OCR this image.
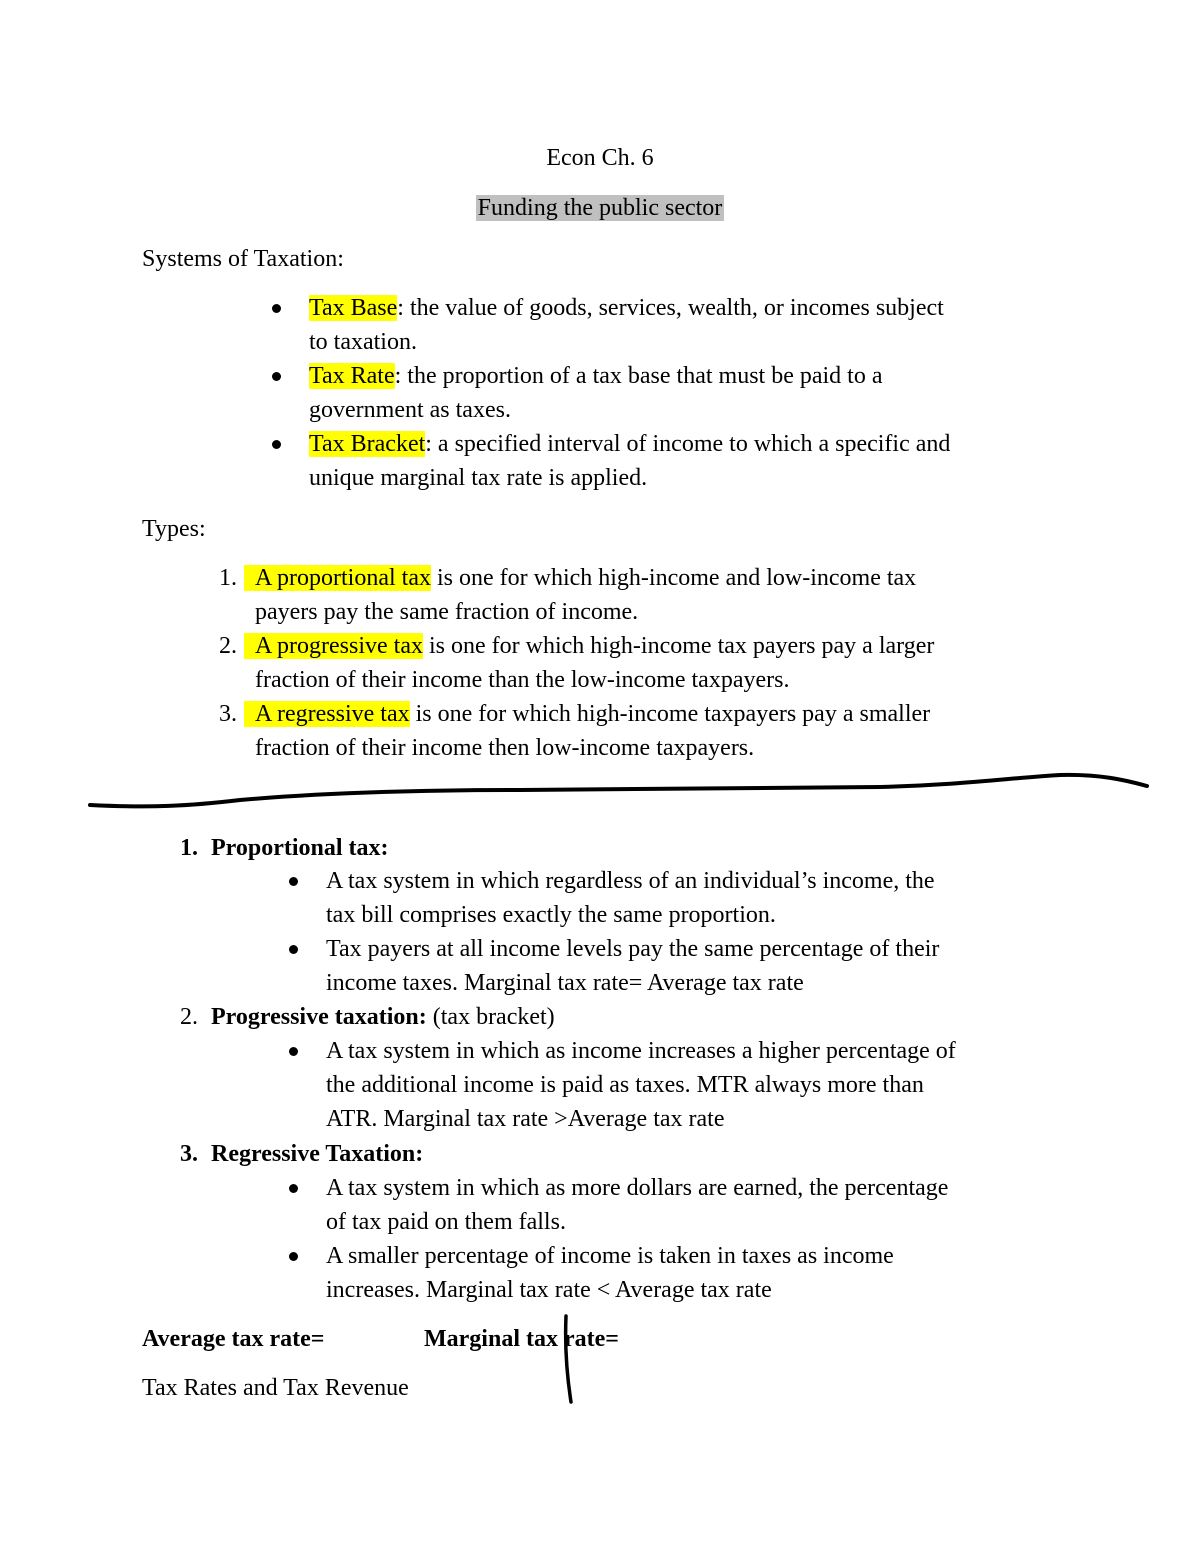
Econ Ch. 6
Funding the public sector
Systems of Taxation:
Tax Base: the value of goods, services, wealth, or incomes subject
to taxation.
Tax Rate: the proportion of a tax base that must be paid to a
government as taxes.
Tax Bracket: a specified interval of income to which a specific and
unique marginal tax rate is applied.
Types:
1. A proportional tax is one for which high-income and low-income tax
payers pay the same fraction of income.
2. A progressive tax is one for which high-income tax payers pay a larger
fraction of their income than the low-income taxpayers.
3. A regressive tax is one for which high-income taxpayers pay a smaller
fraction of their income then low-income taxpayers.
1. Proportional tax:
A tax system in which regardless of an individual’s income, the
tax bill comprises exactly the same proportion.
Tax payers at all income levels pay the same percentage of their
income taxes. Marginal tax rate= Average tax rate
2. Progressive taxation: (tax bracket)
A tax system in which as income increases a higher percentage of
the additional income is paid as taxes. MTR always more than
ATR. Marginal tax rate >Average tax rate
3. Regressive Taxation:
A tax system in which as more dollars are earned, the percentage
of tax paid on them falls.
A smaller percentage of income is taken in taxes as income
increases. Marginal tax rate < Average tax rate
Average tax rate=	Marginal tax rate=
Tax Rates and Tax Revenue
